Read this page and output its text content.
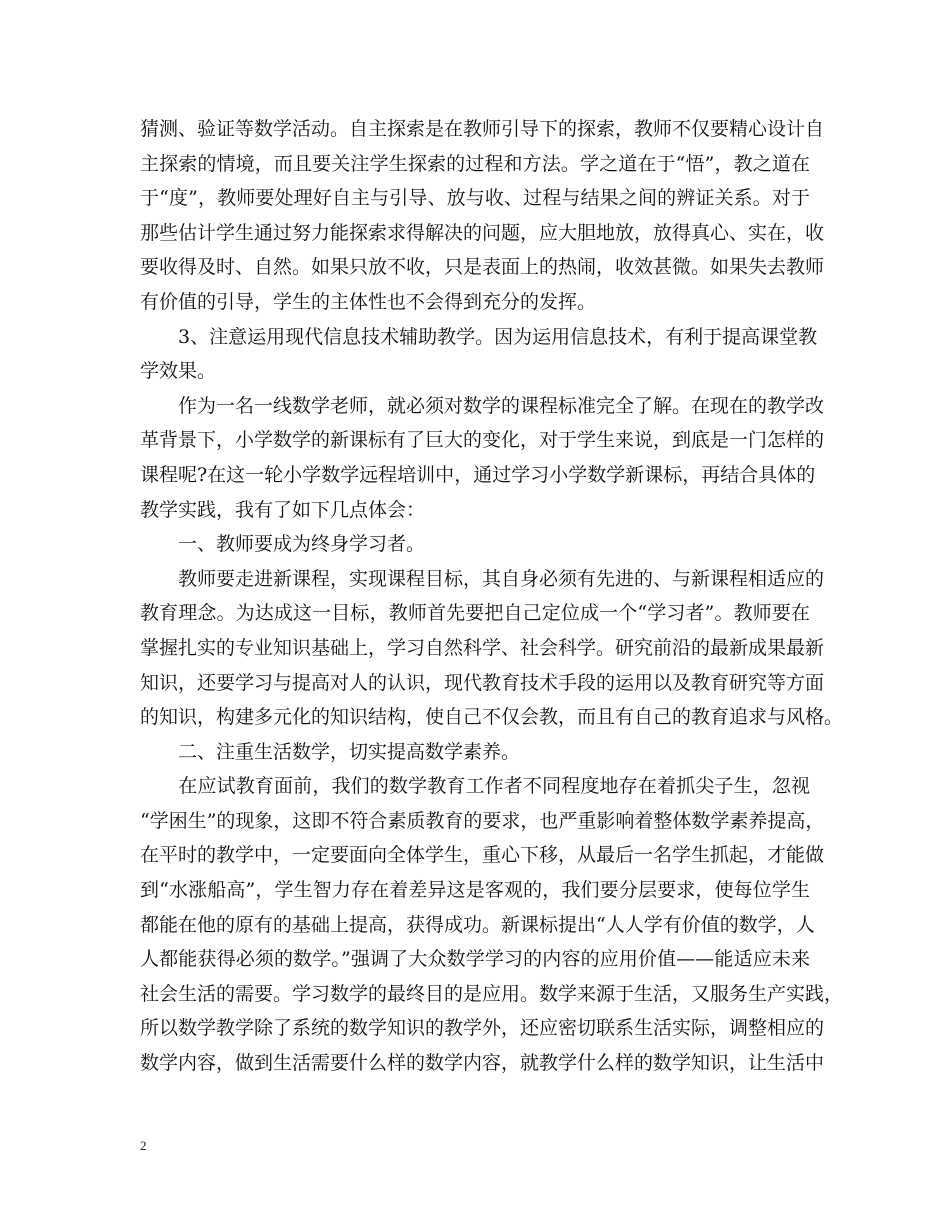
猜测、验证等数学活动。自主探索是在教师引导下的探索，教师不仅要精心设计自
主探索的情境，而且要关注学生探索的过程和方法。学之道在于“悟”，教之道在
于“度”，教师要处理好自主与引导、放与收、过程与结果之间的辨证关系。对于
那些估计学生通过努力能探索求得解决的问题，应大胆地放，放得真心、实在，收
要收得及时、自然。如果只放不收，只是表面上的热闹，收效甚微。如果失去教师
有价值的引导，学生的主体性也不会得到充分的发挥。
　　3、注意运用现代信息技术辅助教学。因为运用信息技术，有利于提高课堂教
学效果。
　　作为一名一线数学老师，就必须对数学的课程标准完全了解。在现在的教学改
革背景下，小学数学的新课标有了巨大的变化，对于学生来说，到底是一门怎样的
课程呢?在这一轮小学数学远程培训中，通过学习小学数学新课标，再结合具体的
教学实践，我有了如下几点体会：
　　一、教师要成为终身学习者。
　　教师要走进新课程，实现课程目标，其自身必须有先进的、与新课程相适应的
教育理念。为达成这一目标，教师首先要把自己定位成一个“学习者”。教师要在
掌握扎实的专业知识基础上，学习自然科学、社会科学。研究前沿的最新成果最新
知识，还要学习与提高对人的认识，现代教育技术手段的运用以及教育研究等方面
的知识，构建多元化的知识结构，使自己不仅会教，而且有自己的教育追求与风格。
　　二、注重生活数学，切实提高数学素养。
　　在应试教育面前，我们的数学教育工作者不同程度地存在着抓尖子生，忽视
“学困生”的现象，这即不符合素质教育的要求，也严重影响着整体数学素养提高，
在平时的教学中，一定要面向全体学生，重心下移，从最后一名学生抓起，才能做
到“水涨船高”，学生智力存在着差异这是客观的，我们要分层要求，使每位学生
都能在他的原有的基础上提高，获得成功。新课标提出“人人学有价值的数学，人
人都能获得必须的数学。”强调了大众数学学习的内容的应用价值——能适应未来
社会生活的需要。学习数学的最终目的是应用。数学来源于生活，又服务生产实践，
所以数学教学除了系统的数学知识的教学外，还应密切联系生活实际，调整相应的
数学内容，做到生活需要什么样的数学内容，就教学什么样的数学知识，让生活中
2
